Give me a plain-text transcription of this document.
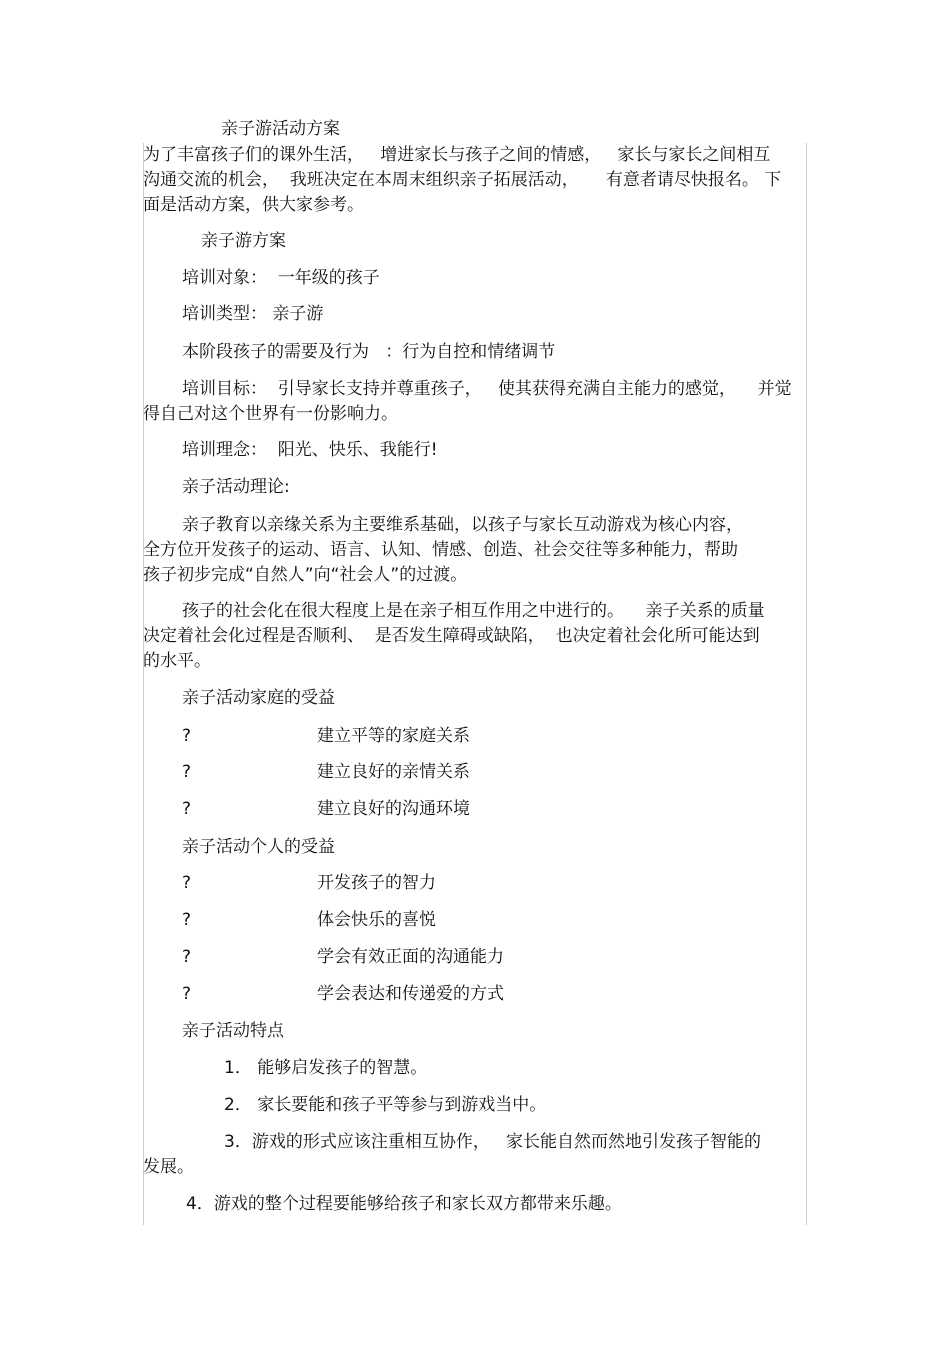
亲子游活动方案
为了丰富孩子们的课外生活，   增进家长与孩子之间的情感，   家长与家长之间相互
沟通交流的机会，  我班决定在本周末组织亲子拓展活动，     有意者请尽快报名。 下
面是活动方案，供大家参考。
亲子游方案
培训对象：  一年级的孩子
培训类型： 亲子游
本阶段孩子的需要及行为   ：行为自控和情绪调节
培训目标：  引导家长支持并尊重孩子，   使其获得充满自主能力的感觉，    并觉
得自己对这个世界有一份影响力。
培训理念：  阳光、快乐、我能行!
亲子活动理论:
亲子教育以亲缘关系为主要维系基础，以孩子与家长互动游戏为核心内容，
全方位开发孩子的运动、语言、认知、情感、创造、社会交往等多种能力，帮助
孩子初步完成“自然人”向“社会人”的过渡。
孩子的社会化在很大程度上是在亲子相互作用之中进行的。    亲子关系的质量
决定着社会化过程是否顺利、  是否发生障碍或缺陷，  也决定着社会化所可能达到
的水平。
亲子活动家庭的受益
?	建立平等的家庭关系
?	建立良好的亲情关系
?	建立良好的沟通环境
亲子活动个人的受益
?	开发孩子的智力
?	体会快乐的喜悦
?	学会有效正面的沟通能力
?	学会表达和传递爱的方式
亲子活动特点
1． 能够启发孩子的智慧。
2． 家长要能和孩子平等参与到游戏当中。
3．游戏的形式应该注重相互协作，   家长能自然而然地引发孩子智能的
发展。
4．游戏的整个过程要能够给孩子和家长双方都带来乐趣。
